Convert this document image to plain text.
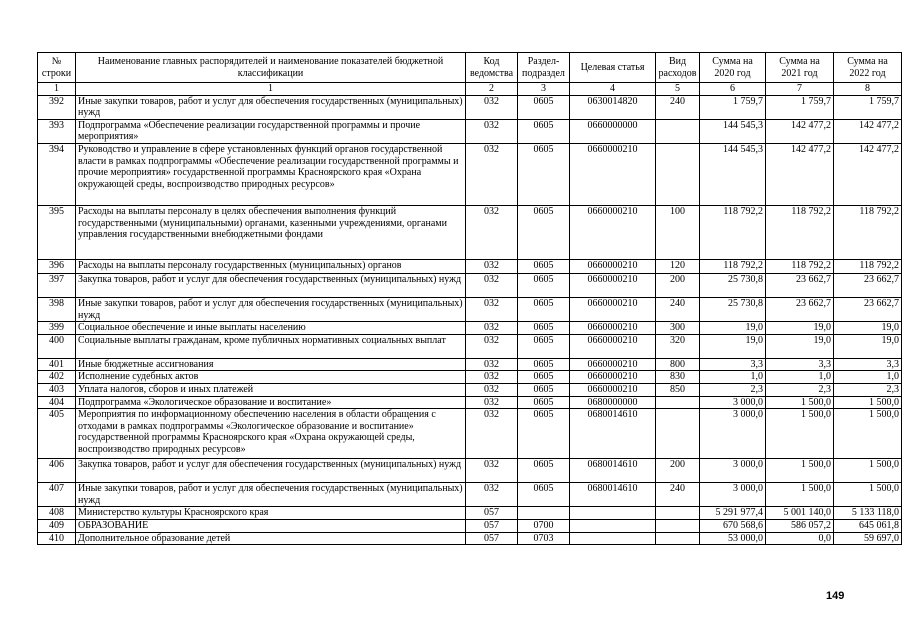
№ строки	Наименование главных распорядителей и наименование показателей бюджетной классификации	Код ведомства	Раздел-подраздел	Целевая статья	Вид расходов	Сумма на 2020 год	Сумма на 2021 год	Сумма на 2022 год
1	1	2	3	4	5	6	7	8
392	Иные закупки товаров, работ и услуг для обеспечения государственных (муниципальных) нужд	032	0605	0630014820	240	1 759,7	1 759,7	1 759,7
393	Подпрограмма «Обеспечение реализации государственной программы и прочие мероприятия»	032	0605	0660000000		144 545,3	142 477,2	142 477,2
394	Руководство и управление в сфере установленных функций органов государственной власти в рамках подпрограммы «Обеспечение реализации государственной программы и прочие мероприятия» государственной программы Красноярского края «Охрана окружающей среды, воспроизводство природных ресурсов»	032	0605	0660000210		144 545,3	142 477,2	142 477,2
395	Расходы на выплаты персоналу в целях обеспечения выполнения функций государственными (муниципальными) органами, казенными учреждениями, органами управления государственными внебюджетными фондами	032	0605	0660000210	100	118 792,2	118 792,2	118 792,2
396	Расходы на выплаты персоналу государственных (муниципальных) органов	032	0605	0660000210	120	118 792,2	118 792,2	118 792,2
397	Закупка товаров, работ и услуг для обеспечения государственных (муниципальных) нужд	032	0605	0660000210	200	25 730,8	23 662,7	23 662,7
398	Иные закупки товаров, работ и услуг для обеспечения государственных (муниципальных) нужд	032	0605	0660000210	240	25 730,8	23 662,7	23 662,7
399	Социальное обеспечение и иные выплаты населению	032	0605	0660000210	300	19,0	19,0	19,0
400	Социальные выплаты гражданам, кроме публичных нормативных социальных выплат	032	0605	0660000210	320	19,0	19,0	19,0
401	Иные бюджетные ассигнования	032	0605	0660000210	800	3,3	3,3	3,3
402	Исполнение судебных актов	032	0605	0660000210	830	1,0	1,0	1,0
403	Уплата налогов, сборов и иных платежей	032	0605	0660000210	850	2,3	2,3	2,3
404	Подпрограмма «Экологическое образование и воспитание»	032	0605	0680000000		3 000,0	1 500,0	1 500,0
405	Мероприятия по информационному обеспечению населения в области обращения с отходами в рамках подпрограммы «Экологическое образование и воспитание» государственной программы Красноярского края «Охрана окружающей среды, воспроизводство природных ресурсов»	032	0605	0680014610		3 000,0	1 500,0	1 500,0
406	Закупка товаров, работ и услуг для обеспечения государственных (муниципальных) нужд	032	0605	0680014610	200	3 000,0	1 500,0	1 500,0
407	Иные закупки товаров, работ и услуг для обеспечения государственных (муниципальных) нужд	032	0605	0680014610	240	3 000,0	1 500,0	1 500,0
408	Министерство культуры Красноярского края	057				5 291 977,4	5 001 140,0	5 133 118,0
409	ОБРАЗОВАНИЕ	057	0700			670 568,6	586 057,2	645 061,8
410	Дополнительное образование детей	057	0703			53 000,0	0,0	59 697,0
149
